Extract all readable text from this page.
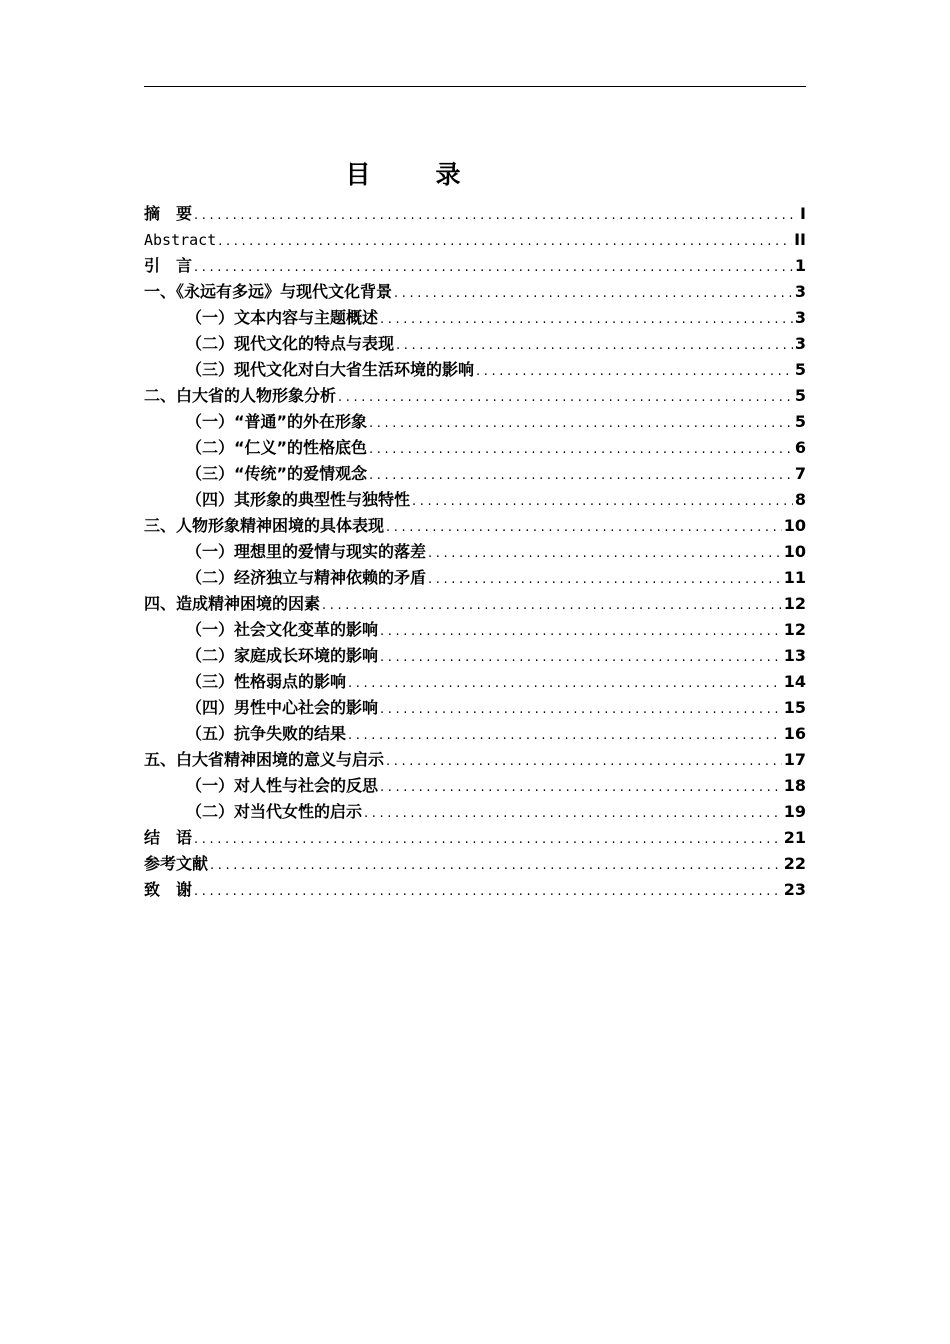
目　录
摘　要 .....	I
Abstract .....	II
引　言 .....	1
一、《永远有多远》与现代文化背景 .....	3
（一）文本内容与主题概述 .....	3
（二）现代文化的特点与表现 .....	3
（三）现代文化对白大省生活环境的影响 .....	5
二、白大省的人物形象分析 .....	5
（一）“普通”的外在形象 .....	5
（二）“仁义”的性格底色 .....	6
（三）“传统”的爱情观念 .....	7
（四）其形象的典型性与独特性 .....	8
三、人物形象精神困境的具体表现 .....	10
（一）理想里的爱情与现实的落差 .....	10
（二）经济独立与精神依赖的矛盾 .....	11
四、造成精神困境的因素 .....	12
（一）社会文化变革的影响 .....	12
（二）家庭成长环境的影响 .....	13
（三）性格弱点的影响 .....	14
（四）男性中心社会的影响 .....	15
（五）抗争失败的结果 .....	16
五、白大省精神困境的意义与启示 .....	17
（一）对人性与社会的反思 .....	18
（二）对当代女性的启示 .....	19
结　语 .....	21
参考文献 .....	22
致　谢 .....	23
